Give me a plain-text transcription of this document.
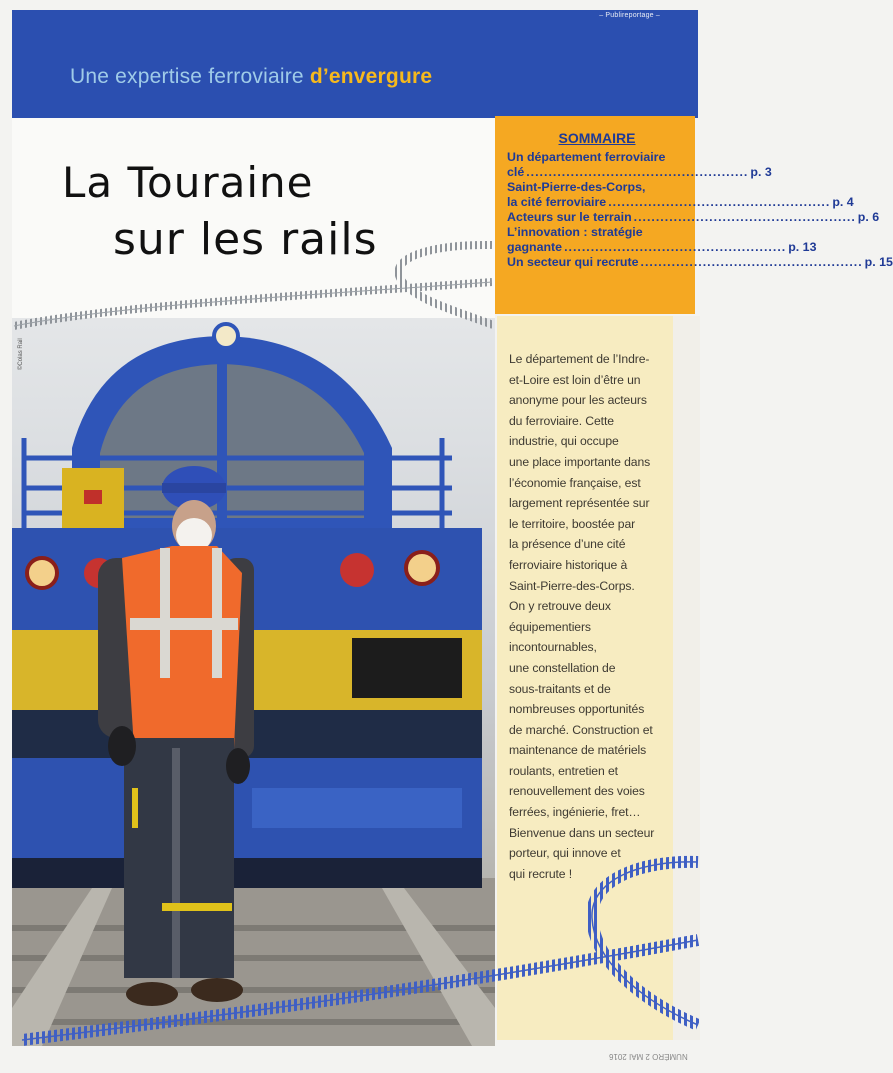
Une expertise ferroviaire d’envergure
– Publireportage –
La Touraine
sur les rails
©Colas Rail
SOMMAIRE
Un département ferroviaire
clé .................................................. p. 3
Saint-Pierre-des-Corps,
la cité ferroviaire .................................................. p. 4
Acteurs sur le terrain .................................................. p. 6
L’innovation : stratégie
gagnante .................................................. p. 13
Un secteur qui recrute .................................................. p. 15

Le département de l’Indre-
et-Loire est loin d’être un
anonyme pour les acteurs
du ferroviaire. Cette
industrie, qui occupe
une place importante dans
l’économie française, est
largement représentée sur
le territoire, boostée par
la présence d’une cité
ferroviaire historique à
Saint-Pierre-des-Corps.
On y retrouve deux
équipementiers
incontournables,
une constellation de
sous-traitants et de
nombreuses opportunités
de marché. Construction et
maintenance de matériels
roulants, entretien et
renouvellement des voies
ferrées, ingénierie, fret…
Bienvenue dans un secteur
porteur, qui innove et
qui recrute !

NUMÉRO 2 MAI 2016
